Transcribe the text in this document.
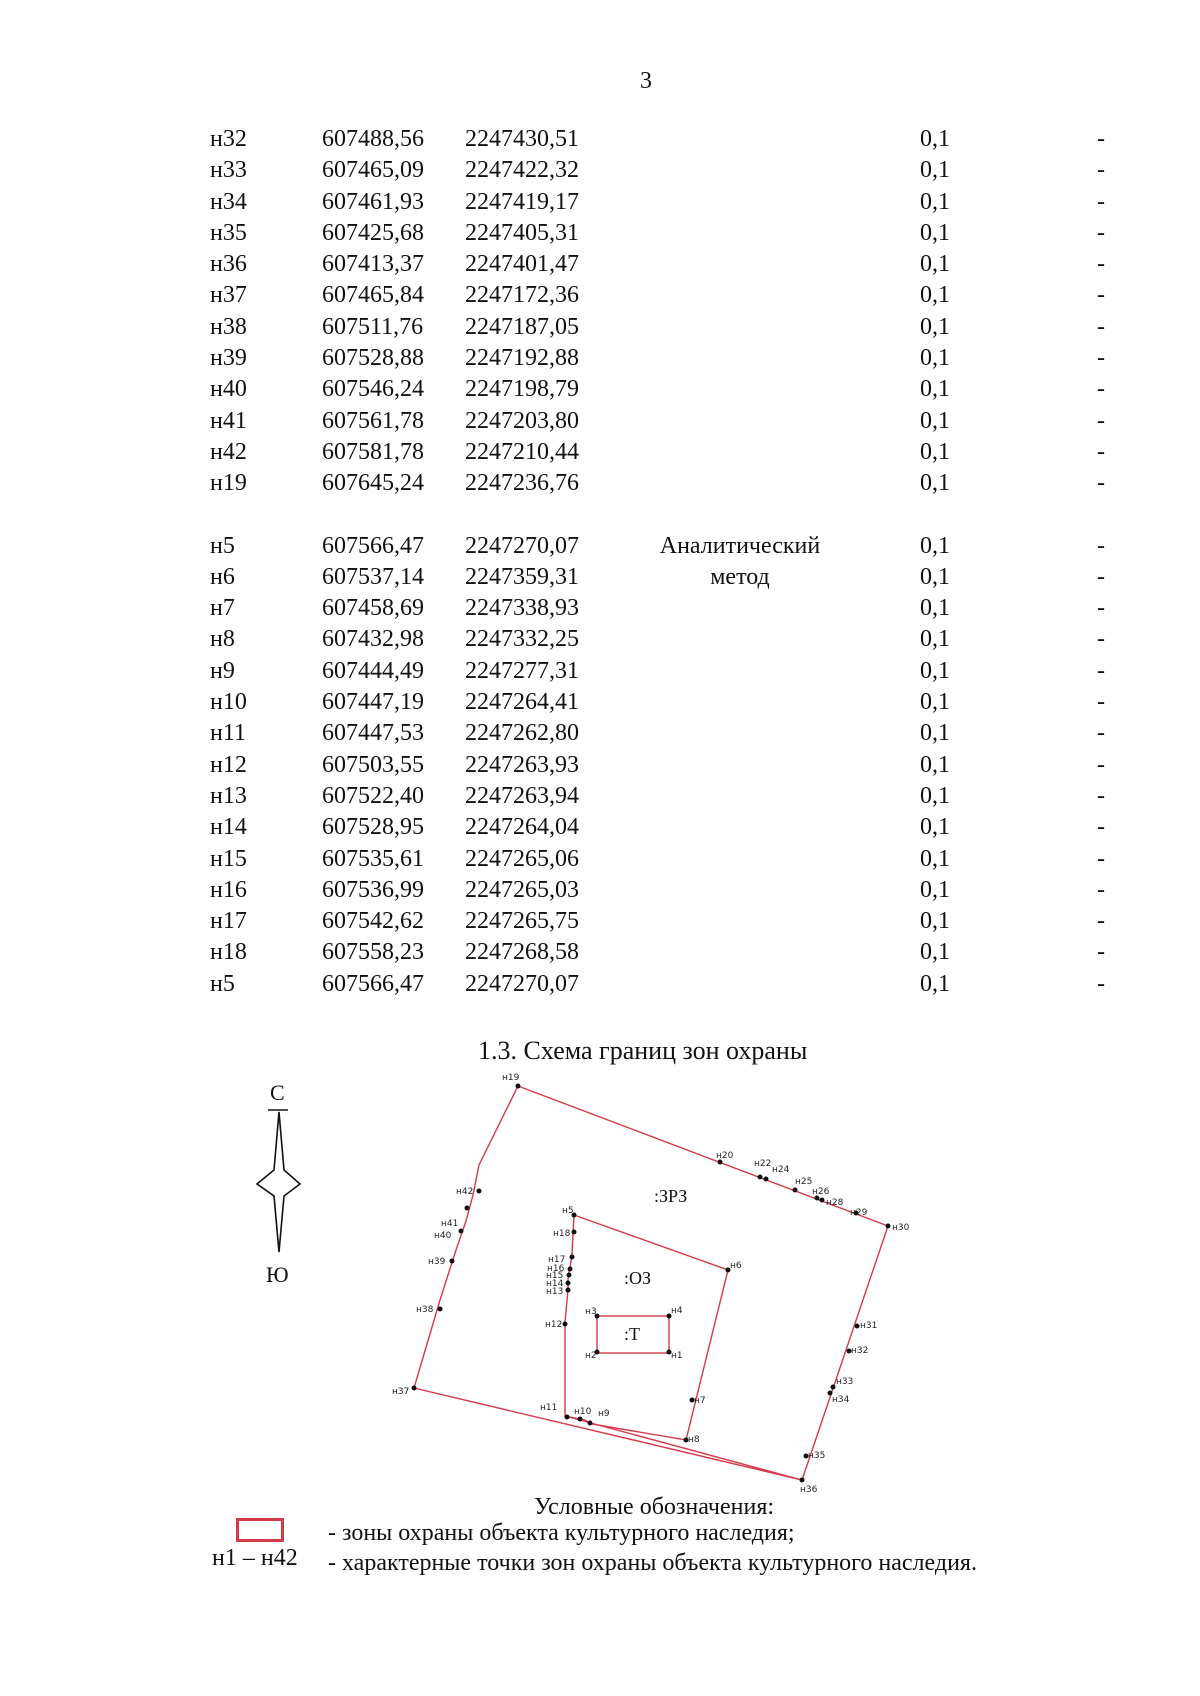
3
н32	607488,56	2247430,51		0,1	-
н33	607465,09	2247422,32		0,1	-
н34	607461,93	2247419,17		0,1	-
н35	607425,68	2247405,31		0,1	-
н36	607413,37	2247401,47		0,1	-
н37	607465,84	2247172,36		0,1	-
н38	607511,76	2247187,05		0,1	-
н39	607528,88	2247192,88		0,1	-
н40	607546,24	2247198,79		0,1	-
н41	607561,78	2247203,80		0,1	-
н42	607581,78	2247210,44		0,1	-
н19	607645,24	2247236,76		0,1	-

н5	607566,47	2247270,07	Аналитический	0,1	-
н6	607537,14	2247359,31	метод	0,1	-
н7	607458,69	2247338,93		0,1	-
н8	607432,98	2247332,25		0,1	-
н9	607444,49	2247277,31		0,1	-
н10	607447,19	2247264,41		0,1	-
н11	607447,53	2247262,80		0,1	-
н12	607503,55	2247263,93		0,1	-
н13	607522,40	2247263,94		0,1	-
н14	607528,95	2247264,04		0,1	-
н15	607535,61	2247265,06		0,1	-
н16	607536,99	2247265,03		0,1	-
н17	607542,62	2247265,75		0,1	-
н18	607558,23	2247268,58		0,1	-
н5	607566,47	2247270,07		0,1	-
1.3. Схема границ зон охраны
С
Ю
н19
н20
н22
н24
н25
н26
н28
н29
н30
н31
н32
н33
н34
н35
н36
н37
н38
н39
н40
н41
н42
н5
н6
н7
н8
н9
н10
н11
н12
н13
н14
н15
н16
н17
н18
н1
н2
н3	н4
:ЗРЗ
:ОЗ
:Т
Условные обозначения:
- зоны охраны объекта культурного наследия;
н1 – н42 - характерные точки зон охраны объекта культурного наследия.
